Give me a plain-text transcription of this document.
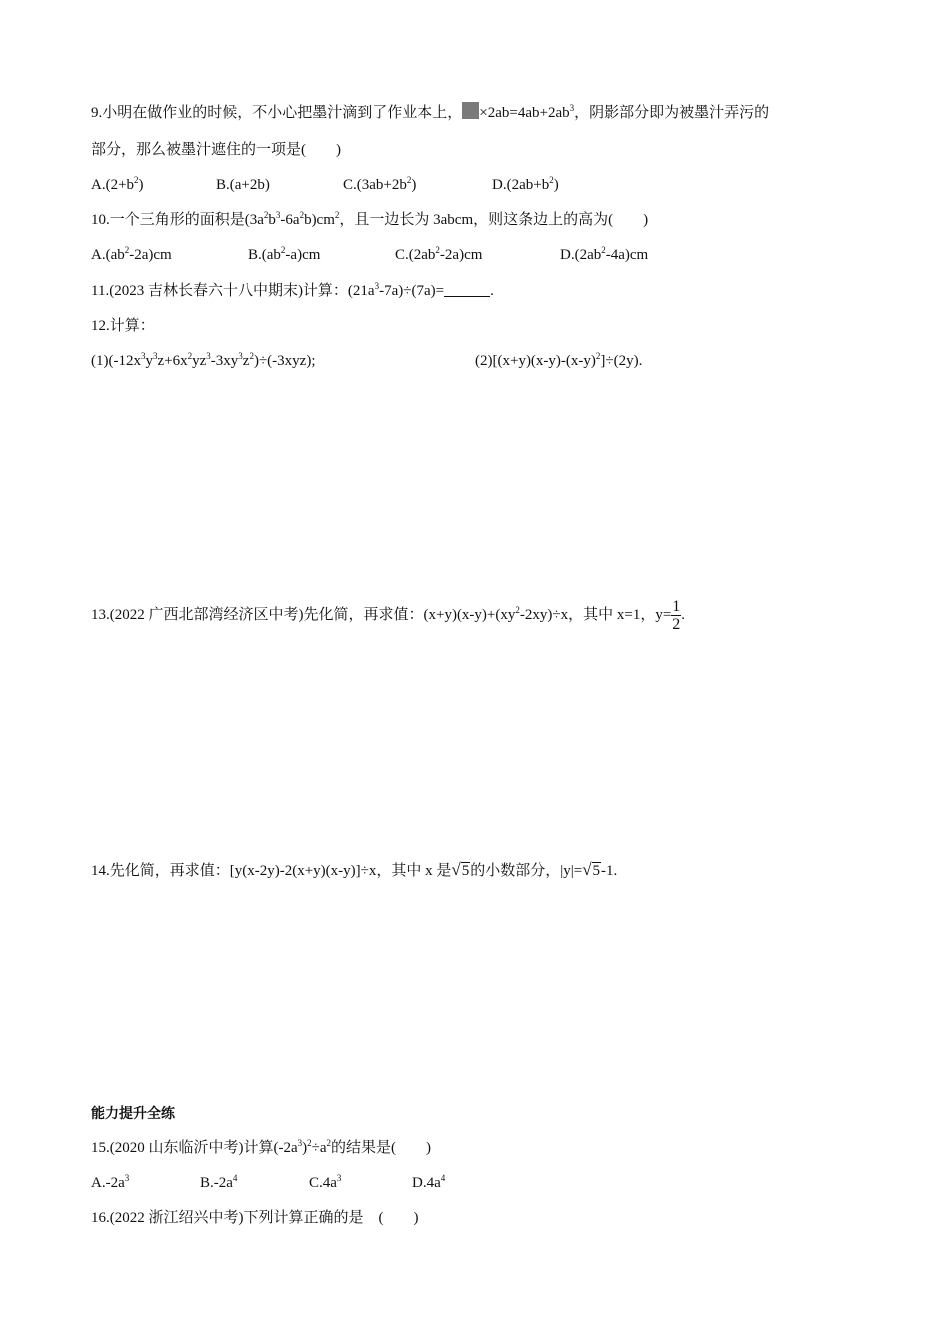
9.小明在做作业的时候，不小心把墨汁滴到了作业本上， $\times 2ab=4ab+2ab^3$，阴影部分即为被墨汁弄污的
部分，那么被墨汁遮住的一项是(　　)
$A.(2+b^2)$	B.(a+2b)	$C.(3ab+2b^2)$	$D.(2ab+b^2)$
10.一个三角形的面积是$(3a^2b^3-6a^2b)cm^2$，且一边长为 3abcm，则这条边上的高为(　　)
$A.(ab^2-2a)cm$	$B.(ab^2-a)cm$	$C.(2ab^2-2a)cm$	$D.(2ab^2-4a)cm$
11.(2023 吉林长春六十八中期末)计算：$(21a^3-7a)\div(7a)=$	.
12.计算：
$(1)(-12x^3y^3z+6x^2yz^3-3xy^3z^2)\div(-3xyz)$;	$(2)[(x+y)(x-y)-(x-y)^2]\div(2y)$.
13.(2022 广西北部湾经济区中考)先化简，再求值：$(x+y)(x-y)+(xy^2-2xy)\div x$，其中 x=1，$y= \frac{1}{2}$ .
14.先化简，再求值：[y(x-2y)-2(x+y)(x-y)]÷x，其中 x 是√5的小数部分，|y|=√5-1.
能力提升全练
15.(2020 山东临沂中考)计算$(-2a^3)^2\div a^2$的结果是(　　)
$A.-2a^3$	$B.-2a^4$	$C.4a^3$	$D.4a^4$
16.(2022 浙江绍兴中考)下列计算正确的是　(　　)
